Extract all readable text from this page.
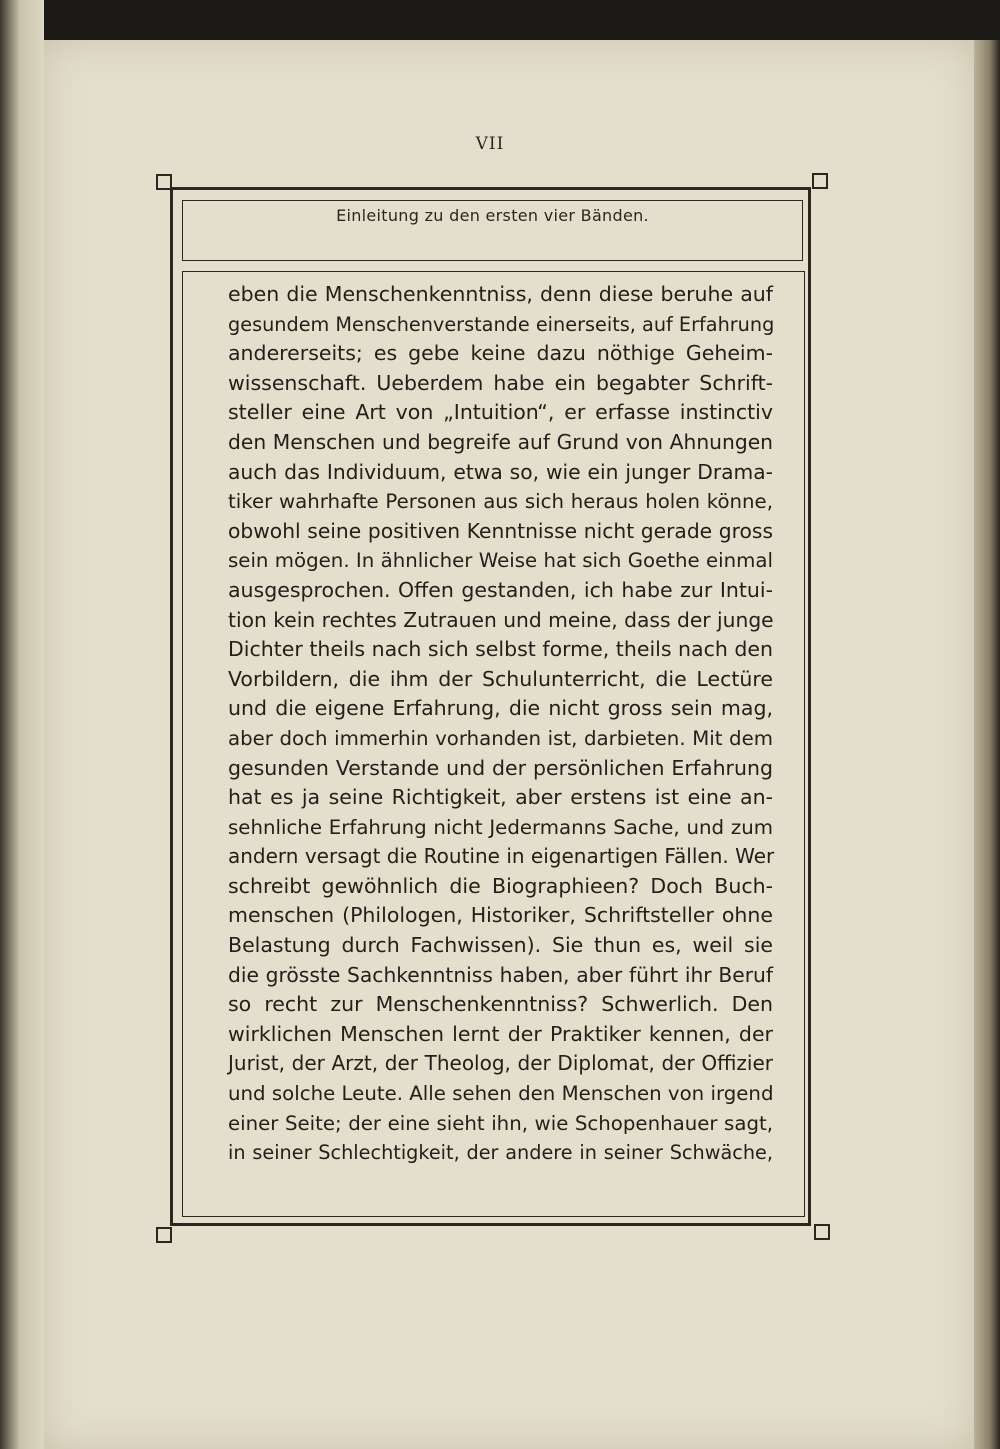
VII
Einleitung zu den ersten vier Bänden.
eben die Menschenkenntniss, denn diese beruhe auf
gesundem Menschenverstande einerseits, auf Erfahrung
andererseits; es gebe keine dazu nöthige Geheim-
wissenschaft. Ueberdem habe ein begabter Schrift-
steller eine Art von „Intuition“, er erfasse instinctiv
den Menschen und begreife auf Grund von Ahnungen
auch das Individuum, etwa so, wie ein junger Drama-
tiker wahrhafte Personen aus sich heraus holen könne,
obwohl seine positiven Kenntnisse nicht gerade gross
sein mögen. In ähnlicher Weise hat sich Goethe einmal
ausgesprochen. Offen gestanden, ich habe zur Intui-
tion kein rechtes Zutrauen und meine, dass der junge
Dichter theils nach sich selbst forme, theils nach den
Vorbildern, die ihm der Schulunterricht, die Lectüre
und die eigene Erfahrung, die nicht gross sein mag,
aber doch immerhin vorhanden ist, darbieten. Mit dem
gesunden Verstande und der persönlichen Erfahrung
hat es ja seine Richtigkeit, aber erstens ist eine an-
sehnliche Erfahrung nicht Jedermanns Sache, und zum
andern versagt die Routine in eigenartigen Fällen. Wer
schreibt gewöhnlich die Biographieen? Doch Buch-
menschen (Philologen, Historiker, Schriftsteller ohne
Belastung durch Fachwissen). Sie thun es, weil sie
die grösste Sachkenntniss haben, aber führt ihr Beruf
so recht zur Menschenkenntniss? Schwerlich. Den
wirklichen Menschen lernt der Praktiker kennen, der
Jurist, der Arzt, der Theolog, der Diplomat, der Offizier
und solche Leute. Alle sehen den Menschen von irgend
einer Seite; der eine sieht ihn, wie Schopenhauer sagt,
in seiner Schlechtigkeit, der andere in seiner Schwäche,
